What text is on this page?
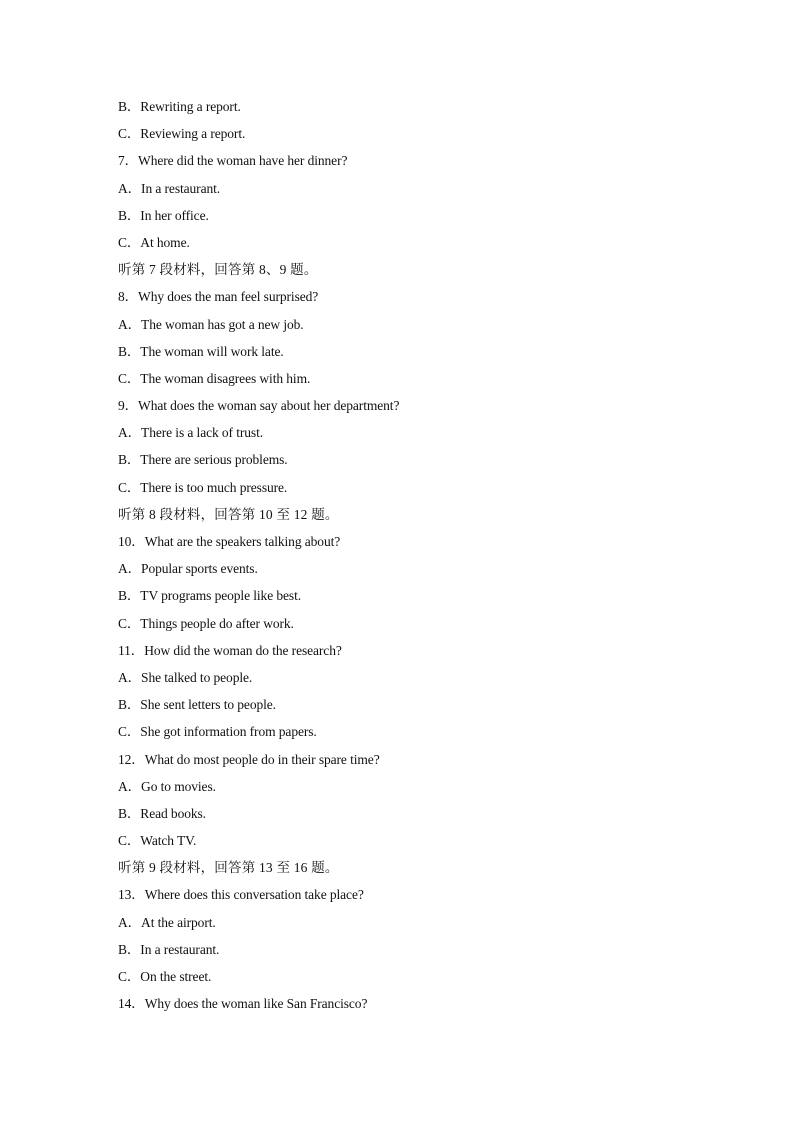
B．Rewriting a report.
C．Reviewing a report.
7．Where did the woman have her dinner?
A．In a restaurant.
B．In her office.
C．At home.
听第 7 段材料，回答第 8、9 题。
8．Why does the man feel surprised?
A．The woman has got a new job.
B．The woman will work late.
C．The woman disagrees with him.
9．What does the woman say about her department?
A．There is a lack of trust.
B．There are serious problems.
C．There is too much pressure.
听第 8 段材料，回答第 10 至 12 题。
10．What are the speakers talking about?
A．Popular sports events.
B．TV programs people like best.
C．Things people do after work.
11．How did the woman do the research?
A．She talked to people.
B．She sent letters to people.
C．She got information from papers.
12．What do most people do in their spare time?
A．Go to movies.
B．Read books.
C．Watch TV.
听第 9 段材料，回答第 13 至 16 题。
13．Where does this conversation take place?
A．At the airport.
B．In a restaurant.
C．On the street.
14．Why does the woman like San Francisco?
